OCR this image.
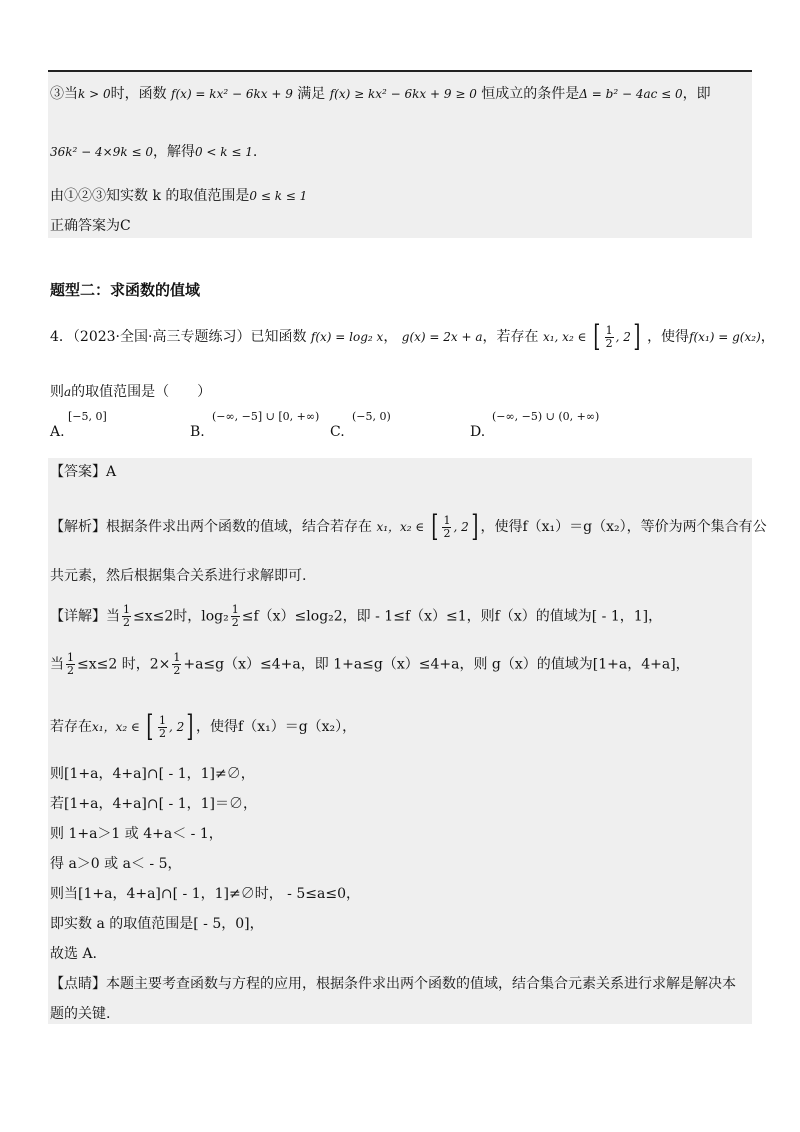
③当k > 0时，函数 f(x) = kx² − 6kx + 9 满足 f(x) ≥ kx² − 6kx + 9 ≥ 0 恒成立的条件是Δ = b² − 4ac ≤ 0，即
36k² − 4×9k ≤ 0，解得0 < k ≤ 1.
由①②③知实数 k 的取值范围是0 ≤ k ≤ 1
正确答案为C
题型二：求函数的值域
4．（2023·全国·高三专题练习）已知函数 f(x) = log₂ x， g(x) = 2x + a，若存在 x₁, x₂ ∈ [ $\frac{1}{2}$ , 2] ，使得f(x₁) = g(x₂)，
则a的取值范围是（　　）
A.
[−5, 0]
B.
(−∞, −5] ∪ [0, +∞)
C.
(−5, 0)
D.
(−∞, −5) ∪ (0, +∞)
【答案】A
【解析】根据条件求出两个函数的值域，结合若存在 x₁，x₂ ∈ [ $\frac{1}{2}$ , 2] ，使得f（x₁）＝g（x₂），等价为两个集合有公
共元素，然后根据集合关系进行求解即可.
【详解】当 $\frac{1}{2} \le x\le 2$时，$\log_2 \frac{1}{2} \le f(x)\le\log_22$，即 - 1≤f（x）≤1，则f（x）的值域为[ - 1，1]，
当 $\frac{1}{2} \le x\le 2$ 时，$2\times \frac{1}{2} +a\le g(x)\le 4+a$，即 1+a≤g（x）≤4+a，则 g（x）的值域为[1+a，4+a]，
若存在x₁，x₂ ∈ [ $\frac{1}{2}$ , 2] ，使得f（x₁）＝g（x₂），
则[1+a，4+a]∩[ - 1，1]≠∅，
若[1+a，4+a]∩[ - 1，1]＝∅，
则 1+a＞1 或 4+a＜ - 1，
得 a＞0 或 a＜ - 5，
则当[1+a，4+a]∩[ - 1，1]≠∅时， - 5≤a≤0，
即实数 a 的取值范围是[ - 5，0]，
故选 A.
【点睛】本题主要考查函数与方程的应用，根据条件求出两个函数的值域，结合集合元素关系进行求解是解决本
题的关键.
